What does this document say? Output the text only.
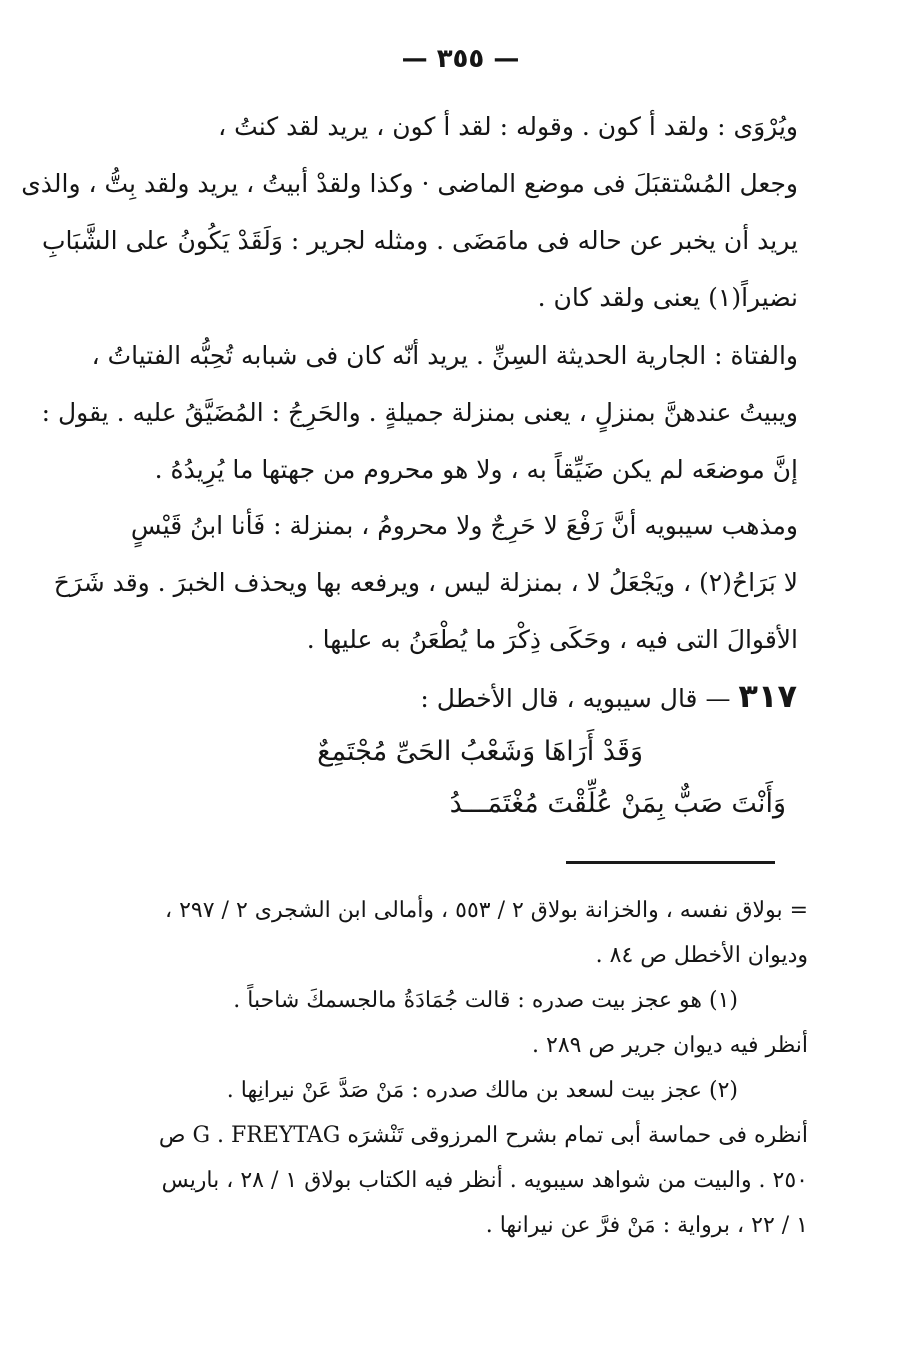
— ٣٥٥ —
ويُرْوَى : ولقد أ كون . وقوله : لقد أ كون ، يريد لقد كنتُ ،
وجعل المُسْتقبَلَ فى موضع الماضى · وكذا ولقدْ أبيتُ ، يريد ولقد بِتُّ ، والذى
يريد أن يخبر عن حاله فى مامَضَى . ومثله لجرير : وَلَقَدْ يَكُونُ على الشَّبَابِ
نضيراً(١) يعنى ولقد كان .
والفتاة : الجارية الحديثة السِنِّ . يريد أنّه كان فى شبابه تُحِبُّه الفتياتُ ،
ويبيتُ عندهنَّ بمنزلٍ ، يعنى بمنزلة جميلةٍ . والحَرِجُ : المُضَيَّقُ عليه . يقول :
إنَّ موضعَه لم يكن ضَيِّقاً به ، ولا هو محروم من جهتها ما يُرِيدُهُ .
ومذهب سيبويه أنَّ رَفْعَ لا حَرِجٌ ولا محرومُ ، بمنزلة : فَأنا ابنُ قَيْسٍ
لا بَرَاحُ(٢) ، ويَجْعَلُ لا ، بمنزلة ليس ، ويرفعه بها ويحذف الخبرَ . وقد شَرَحَ
الأقوالَ التى فيه ، وحَكَى ذِكْرَ ما يُطْعَنُ به عليها .
٣١٧ — قال سيبويه ، قال الأخطل :
وَقَدْ أَرَاهَا وَشَعْبُ الحَىِّ مُجْتَمِعٌ
وَأَنْتَ صَبٌّ بِمَنْ عُلِّقْتَ مُغْتَمَـــدُ
= بولاق نفسه ، والخزانة بولاق ٢ / ٥٥٣ ، وأمالى ابن الشجرى ٢ / ٢٩٧ ،
وديوان الأخطل ص ٨٤ .
(١) هو عجز بيت صدره : قالت جُمَادَةُ مالجسمكَ شاحباً .
أنظر فيه ديوان جرير ص ٢٨٩ .
(٢) عجز بيت لسعد بن مالك صدره : مَنْ صَدَّ عَنْ نيرانِها .
أنظره فى حماسة أبى تمام بشرح المرزوقى تَنْشرَه G . FREYTAG ص
٢٥٠ . والبيت من شواهد سيبويه . أنظر فيه الكتاب بولاق ١ / ٢٨ ، باريس
١ / ٢٢ ، برواية : مَنْ فرَّ عن نيرانها .
